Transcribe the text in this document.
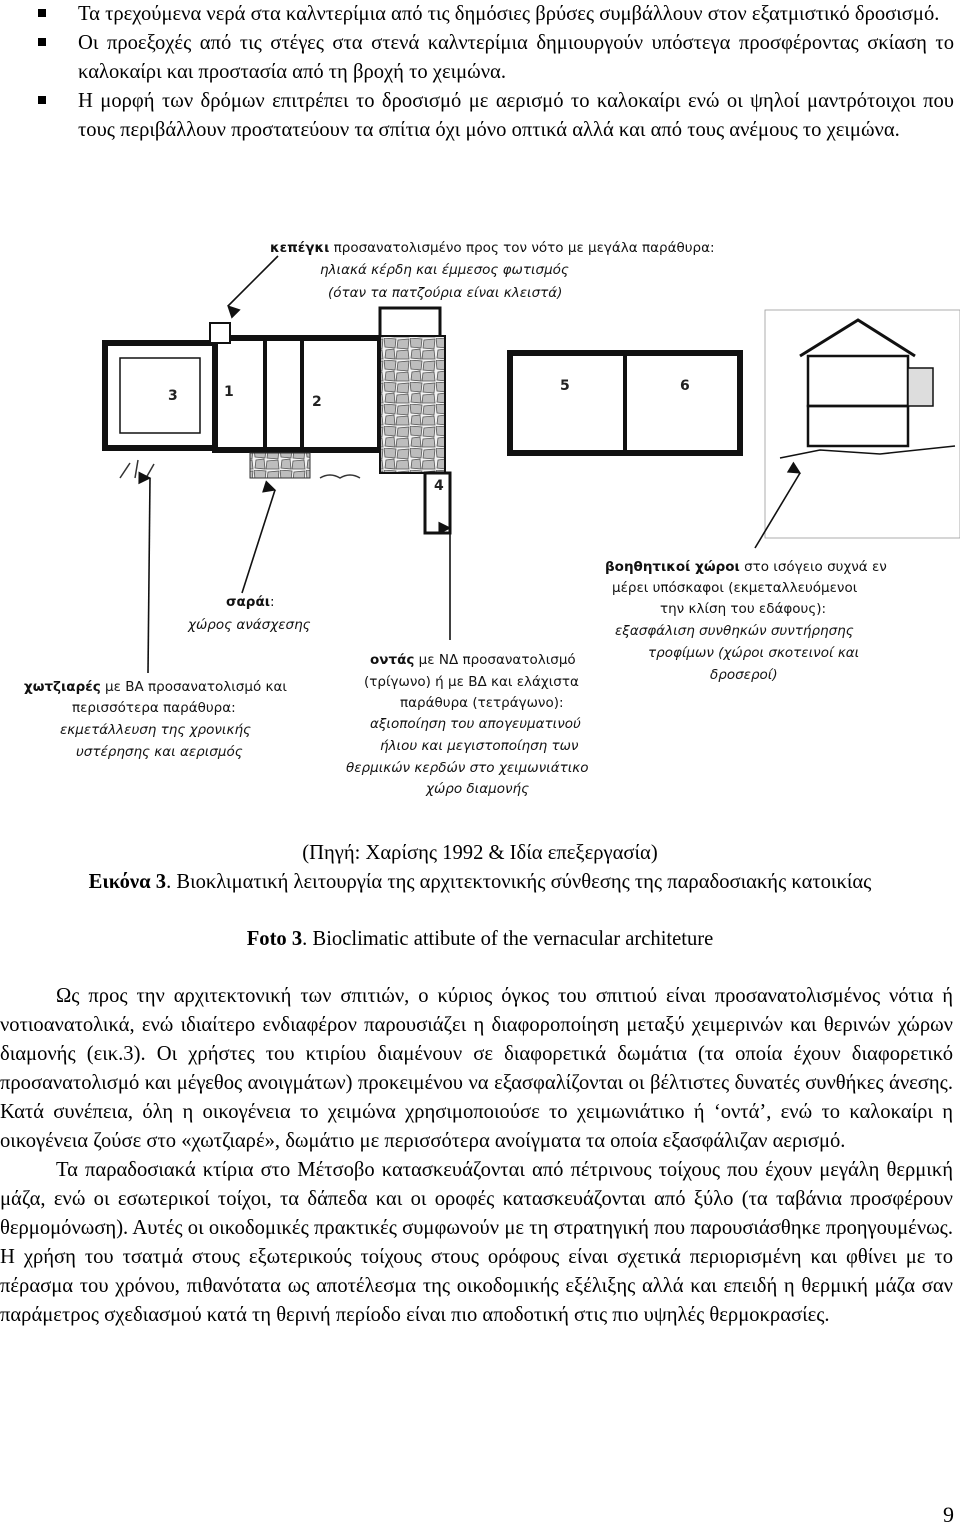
Τα τρεχούμενα νερά στα καλντερίμια από τις δημόσιες βρύσες συμβάλλουν στον εξατμιστικό δροσισμό.

Οι προεξοχές από τις στέγες στα στενά καλντερίμια δημιουργούν υπόστεγα προσφέροντας σκίαση το καλοκαίρι και προστασία από τη βροχή το χειμώνα.

Η μορφή των δρόμων επιτρέπει το δροσισμό με αερισμό το καλοκαίρι ενώ οι ψηλοί μαντρότοιχοι που τους περιβάλλουν προστατεύουν τα σπίτια όχι μόνο οπτικά αλλά και από τους ανέμους το χειμώνα.

κεπέγκι προσανατολισμένο προς τον νότο με μεγάλα παράθυρα:
ηλιακά κέρδη και έμμεσος φωτισμός
(όταν τα πατζούρια είναι κλειστά)
3	1
2
4
5	6
σαράι:
χώρος ανάσχεσης
βοηθητικοί χώροι στο ισόγειο συχνά εν
μέρει υπόσκαφοι (εκμεταλλευόμενοι
την κλίση του εδάφους):
εξασφάλιση συνθηκών συντήρησης
τροφίμων (χώροι σκοτεινοί και
δροσεροί)
οντάς με ΝΔ προσανατολισμό
(τρίγωνο) ή με ΒΔ και ελάχιστα
παράθυρα (τετράγωνο):
αξιοποίηση του απογευματινού
ήλιου και μεγιστοποίηση των
θερμικών κερδών στο χειμωνιάτικο
χώρο διαμονής
χωτζιαρές με ΒΑ προσανατολισμό και
περισσότερα παράθυρα:
εκμετάλλευση της χρονικής
υστέρησης και αερισμός
(Πηγή: Χαρίσης 1992 & Ιδία επεξεργασία)
Εικόνα 3. Βιοκλιματική λειτουργία της αρχιτεκτονικής σύνθεσης της παραδοσιακής κατοικίας
Foto 3. Bioclimatic attibute of the vernacular architeture

Ως προς την αρχιτεκτονική των σπιτιών, ο κύριος όγκος του σπιτιού είναι προσανατολισμένος νότια ή νοτιοανατολικά, ενώ ιδιαίτερο ενδιαφέρον παρουσιάζει η διαφοροποίηση μεταξύ χειμερινών και θερινών χώρων διαμονής (εικ.3). Οι χρήστες του κτιρίου διαμένουν σε διαφορετικά δωμάτια (τα οποία έχουν διαφορετικό προσανατολισμό και μέγεθος ανοιγμάτων) προκειμένου να εξασφαλίζονται οι βέλτιστες δυνατές συνθήκες άνεσης. Κατά συνέπεια, όλη η οικογένεια το χειμώνα χρησιμοποιούσε το χειμωνιάτικο ή ‘οντά’, ενώ το καλοκαίρι η οικογένεια ζούσε στο «χωτζιαρέ», δωμάτιο με περισσότερα ανοίγματα τα οποία εξασφάλιζαν αερισμό.

Τα παραδοσιακά κτίρια στο Μέτσοβο κατασκευάζονται από πέτρινους τοίχους που έχουν μεγάλη θερμική μάζα, ενώ οι εσωτερικοί τοίχοι, τα δάπεδα και οι οροφές κατασκευάζονται από ξύλο (τα ταβάνια προσφέρουν θερμομόνωση). Αυτές οι οικοδομικές πρακτικές συμφωνούν με τη στρατηγική που παρουσιάσθηκε προηγουμένως. Η χρήση του τσατμά στους εξωτερικούς τοίχους στους ορόφους είναι σχετικά περιορισμένη και φθίνει με το πέρασμα του χρόνου, πιθανότατα ως αποτέλεσμα της οικοδομικής εξέλιξης αλλά και επειδή η θερμική μάζα σαν παράμετρος σχεδιασμού κατά τη θερινή περίοδο είναι πιο αποδοτική στις πιο υψηλές θερμοκρασίες.

9
